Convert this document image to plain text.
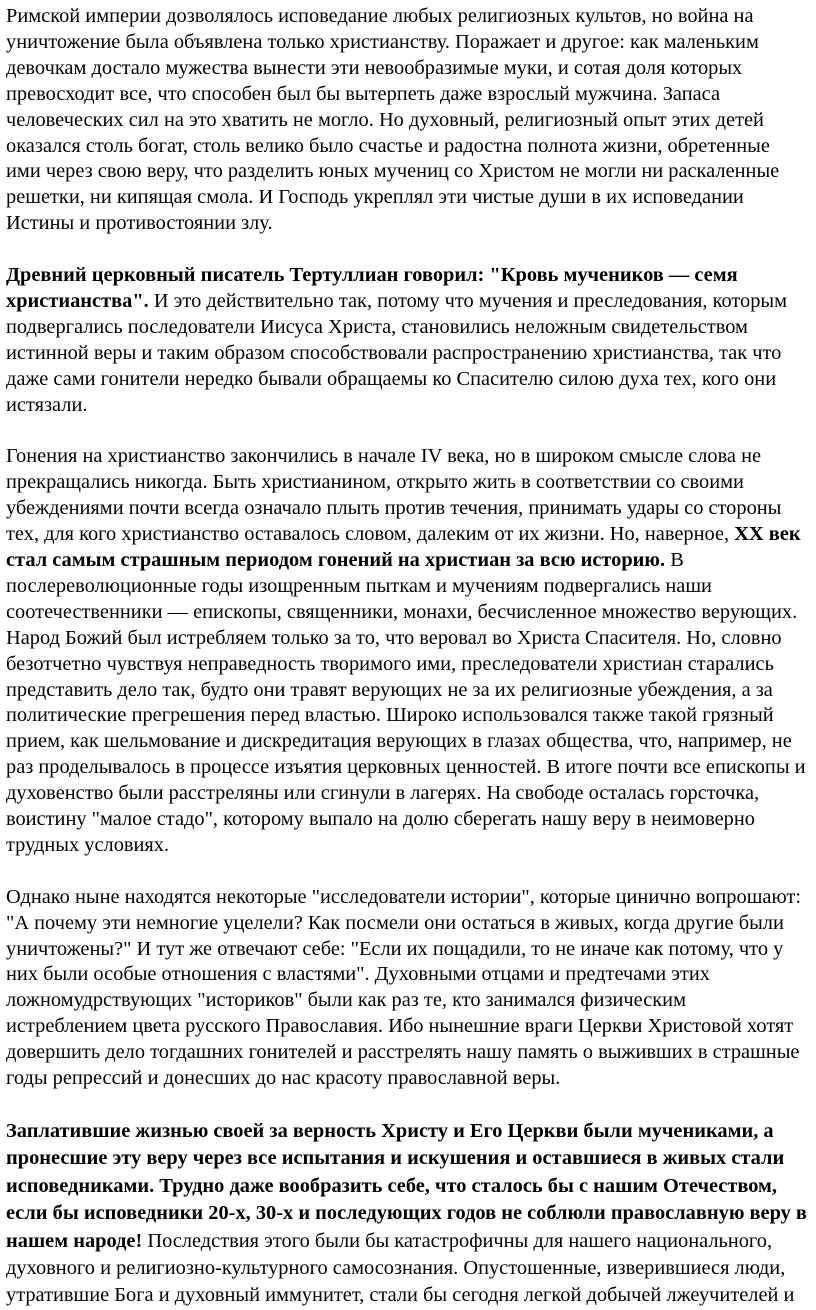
Римской империи дозволялось исповедание любых религиозных культов, но война на уничтожение была объявлена только христианству. Поражает и другое: как маленьким девочкам достало мужества вынести эти невообразимые муки, и сотая доля которых превосходит все, что способен был бы вытерпеть даже взрослый мужчина. Запаса человеческих сил на это хватить не могло. Но духовный, религиозный опыт этих детей оказался столь богат, столь велико было счастье и радостна полнота жизни, обретенные ими через свою веру, что разделить юных мучениц со Христом не могли ни раскаленные решетки, ни кипящая смола. И Господь укреплял эти чистые души в их исповедании Истины и противостоянии злу.

Древний церковный писатель Тертуллиан говорил: "Кровь мучеников — семя христианства". И это действительно так, потому что мучения и преследования, которым подвергались последователи Иисуса Христа, становились неложным свидетельством истинной веры и таким образом способствовали распространению христианства, так что даже сами гонители нередко бывали обращаемы ко Спасителю силою духа тех, кого они истязали.

Гонения на христианство закончились в начале IV века, но в широком смысле слова не прекращались никогда. Быть христианином, открыто жить в соответствии со своими убеждениями почти всегда означало плыть против течения, принимать удары со стороны тех, для кого христианство оставалось словом, далеким от их жизни. Но, наверное, XX век стал самым страшным периодом гонений на христиан за всю историю. В послереволюционные годы изощренным пыткам и мучениям подвергались наши соотечественники — епископы, священники, монахи, бесчисленное множество верующих. Народ Божий был истребляем только за то, что веровал во Христа Спасителя. Но, словно безотчетно чувствуя неправедность творимого ими, преследователи христиан старались представить дело так, будто они травят верующих не за их религиозные убеждения, а за политические прегрешения перед властью. Широко использовался также такой грязный прием, как шельмование и дискредитация верующих в глазах общества, что, например, не раз проделывалось в процессе изъятия церковных ценностей. В итоге почти все епископы и духовенство были расстреляны или сгинули в лагерях. На свободе осталась горсточка, воистину "малое стадо", которому выпало на долю сберегать нашу веру в неимоверно трудных условиях.

Однако ныне находятся некоторые "исследователи истории", которые цинично вопрошают: "А почему эти немногие уцелели? Как посмели они остаться в живых, когда другие были уничтожены?" И тут же отвечают себе: "Если их пощадили, то не иначе как потому, что у них были особые отношения с властями". Духовными отцами и предтечами этих ложномудрствующих "историков" были как раз те, кто занимался физическим истреблением цвета русского Православия. Ибо нынешние враги Церкви Христовой хотят довершить дело тогдашних гонителей и расстрелять нашу память о выживших в страшные годы репрессий и донесших до нас красоту православной веры.

Заплатившие жизнью своей за верность Христу и Его Церкви были мучениками, а пронесшие эту веру через все испытания и искушения и оставшиеся в живых стали исповедниками. Трудно даже вообразить себе, что сталось бы с нашим Отечеством, если бы исповедники 20-х, 30-х и последующих годов не соблюли православную веру в нашем народе! Последствия этого были бы катастрофичны для нашего национального, духовного и религиозно-культурного самосознания. Опустошенные, изверившиеся люди, утратившие Бога и духовный иммунитет, стали бы сегодня легкой добычей лжеучителей и
